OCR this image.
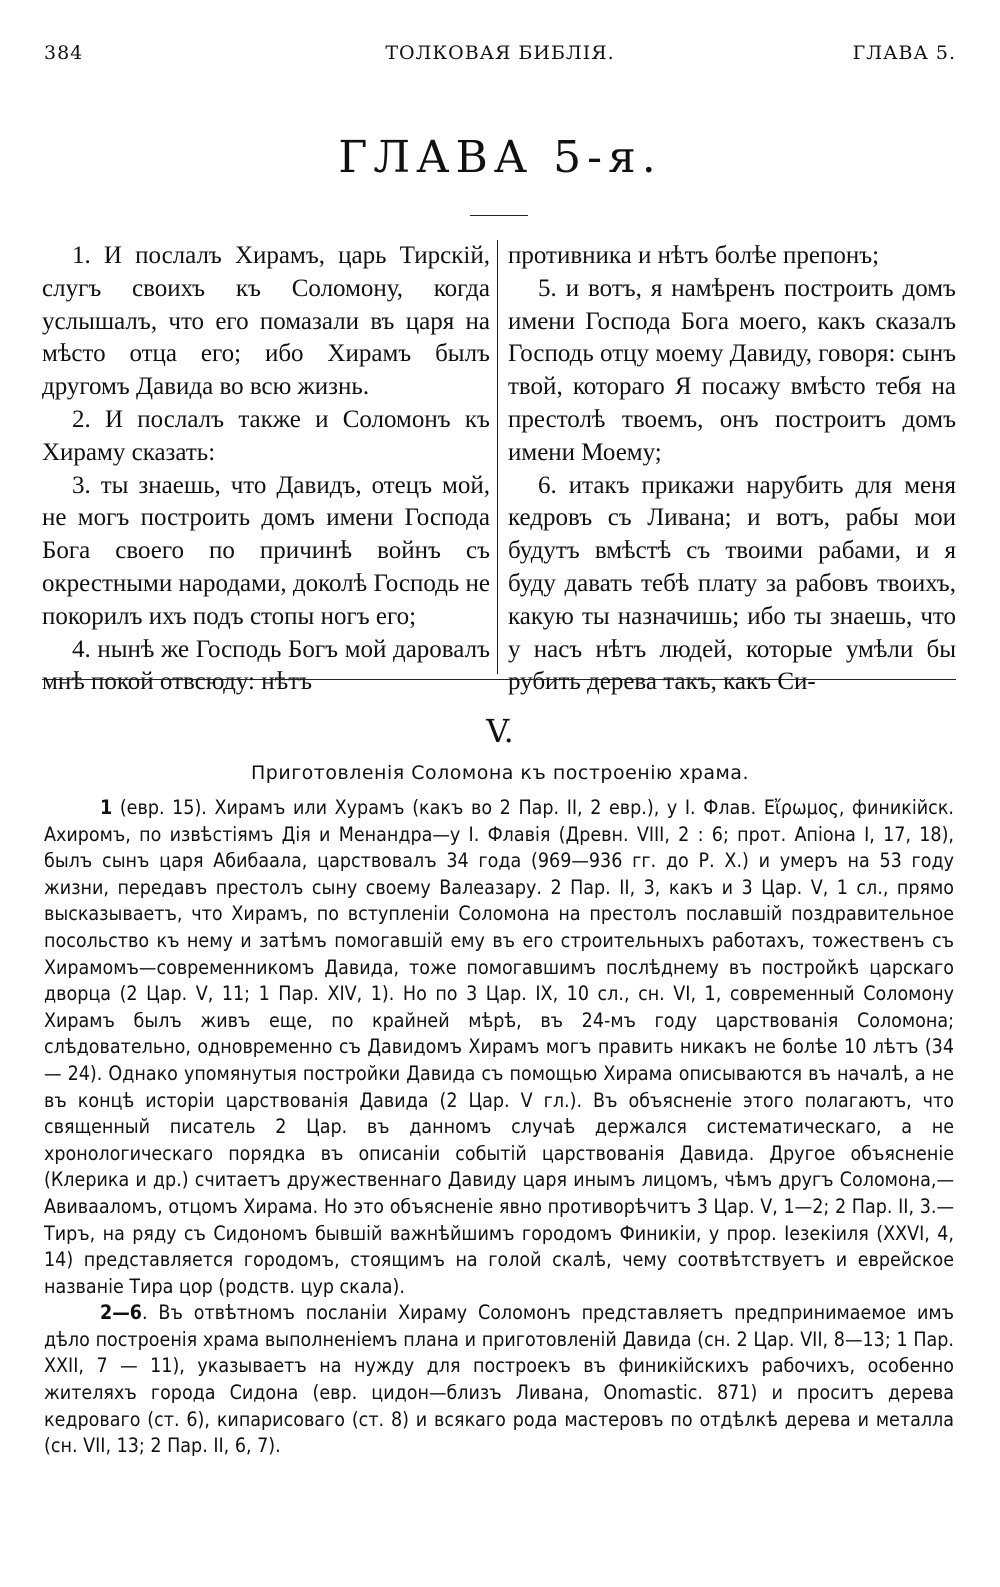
384	ТОЛКОВАЯ БИБЛІЯ.	ГЛАВА 5.
ГЛАВА 5-я.

1. И послалъ Хирамъ, царь Тирскій, слугъ своихъ къ Соломону, когда услышалъ, что его помазали въ царя на мѣсто отца его; ибо Хирамъ былъ другомъ Давида во всю жизнь.

2. И послалъ также и Соломонъ къ Хираму сказать:

3. ты знаешь, что Давидъ, отецъ мой, не могъ построить домъ имени Господа Бога своего по причинѣ войнъ съ окрестными народами, доколѣ Господь не покорилъ ихъ подъ стопы ногъ его;

4. нынѣ же Господь Богъ мой даровалъ мнѣ покой отвсюду: нѣтъ

противника и нѣтъ болѣе препонъ;

5. и вотъ, я намѣренъ построить домъ имени Господа Бога моего, какъ сказалъ Господь отцу моему Давиду, говоря: сынъ твой, котораго Я посажу вмѣсто тебя на престолѣ твоемъ, онъ построитъ домъ имени Моему;

6. итакъ прикажи нарубить для меня кедровъ съ Ливана; и вотъ, рабы мои будутъ вмѣстѣ съ твоими рабами, и я буду давать тебѣ плату за рабовъ твоихъ, какую ты назначишь; ибо ты знаешь, что у насъ нѣтъ людей, которые умѣли бы рубить дерева такъ, какъ Си-

V.
Приготовленія Соломона къ построенію храма.

1 (евр. 15). Хирамъ или Хурамъ (какъ во 2 Пар. II, 2 евр.), у І. Флав. Εἴρωμος, финикійск. Ахиромъ, по извѣстіямъ Дія и Менандра—у І. Флавія (Древн. VIII, 2 : 6; прот. Апіона І, 17, 18), былъ сынъ царя Абибаала, царствовалъ 34 года (969—936 гг. до Р. Х.) и умеръ на 53 году жизни, передавъ престолъ сыну своему Валеазару. 2 Пар. II, 3, какъ и 3 Цар. V, 1 сл., прямо высказываетъ, что Хирамъ, по вступленіи Соломона на престолъ пославшій поздравительное посольство къ нему и затѣмъ помогавшій ему въ его строительныхъ работахъ, тожественъ съ Хирамомъ—современникомъ Давида, тоже помогавшимъ послѣднему въ постройкѣ царскаго дворца (2 Цар. V, 11; 1 Пар. XIV, 1). Но по 3 Цар. IX, 10 сл., сн. VI, 1, современный Соломону Хирамъ былъ живъ еще, по крайней мѣрѣ, въ 24-мъ году царствованія Соломона; слѣдовательно, одновременно съ Давидомъ Хирамъ могъ править никакъ не болѣе 10 лѣтъ (34 — 24). Однако упомянутыя постройки Давида съ помощью Хирама описываются въ началѣ, а не въ концѣ исторіи царствованія Давида (2 Цар. V гл.). Въ объясненіе этого полагаютъ, что священный писатель 2 Цар. въ данномъ случаѣ держался систематическаго, а не хронологическаго порядка въ описаніи событій царствованія Давида. Другое объясненіе (Клерика и др.) считаетъ дружественнаго Давиду царя инымъ лицомъ, чѣмъ другъ Соломона,—Авивааломъ, отцомъ Хирама. Но это объясненіе явно противорѣчитъ 3 Цар. V, 1—2; 2 Пар. II, 3.—Тиръ, на ряду съ Сидономъ бывшій важнѣйшимъ городомъ Финикіи, у прор. Іезекіиля (XXVI, 4, 14) представляется городомъ, стоящимъ на голой скалѣ, чему соотвѣтствуетъ и еврейское названіе Тира цор (родств. цур скала).

2—6. Въ отвѣтномъ посланіи Хираму Соломонъ представляетъ предпринимаемое имъ дѣло построенія храма выполненіемъ плана и приготовленій Давида (сн. 2 Цар. VII, 8—13; 1 Пар. XXII, 7 — 11), указываетъ на нужду для построекъ въ финикійскихъ рабочихъ, особенно жителяхъ города Сидона (евр. цидон—близъ Ливана, Onomastic. 871) и проситъ дерева кедроваго (ст. 6), кипарисоваго (ст. 8) и всякаго рода мастеровъ по отдѣлкѣ дерева и металла (сн. VII, 13; 2 Пар. II, 6, 7).
